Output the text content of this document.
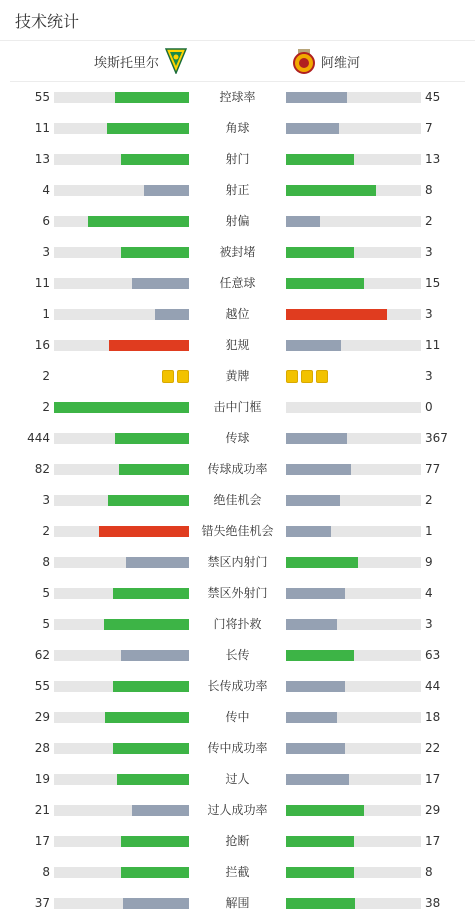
技术统计
埃斯托里尔	阿维河
55	控球率	45
11	角球	7
13	射门	13
4	射正	8
6	射偏	2
3	被封堵	3
11	任意球	15
1	越位	3
16	犯规	11
2	黄牌	3
2	击中门框	0
444	传球	367
82	传球成功率	77
3	绝佳机会	2
2	错失绝佳机会	1
8	禁区内射门	9
5	禁区外射门	4
5	门将扑救	3
62	长传	63
55	长传成功率	44
29	传中	18
28	传中成功率	22
19	过人	17
21	过人成功率	29
17	抢断	17
8	拦截	8
37	解围	38
